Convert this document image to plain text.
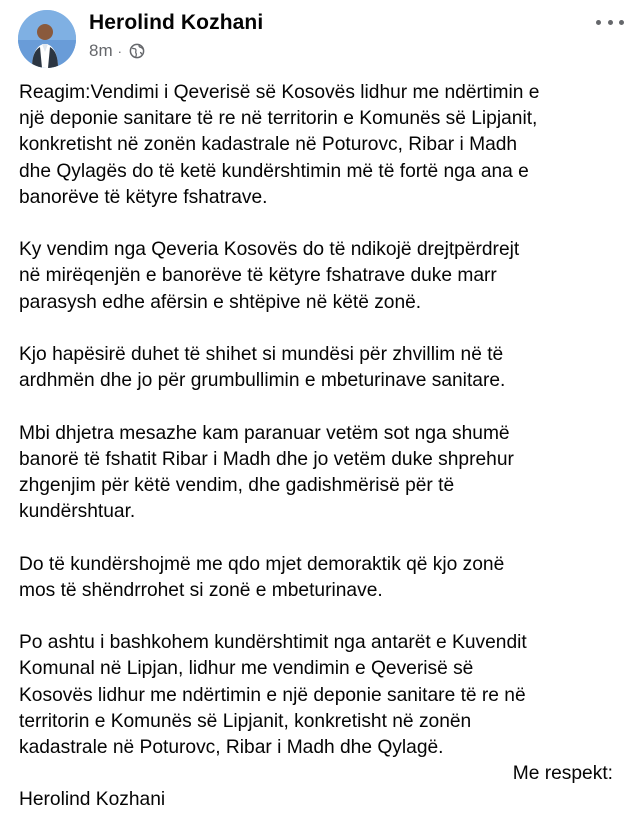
Herolind Kozhani
8m ·

Reagim:Vendimi i Qeverisë së Kosovës lidhur me ndërtimin e
një deponie sanitare të re në territorin e Komunës së Lipjanit,
konkretisht në zonën kadastrale në Poturovc, Ribar i Madh
dhe Qylagës do të ketë kundërshtimin më të fortë nga ana e
banorëve të këtyre fshatrave.

Ky vendim nga Qeveria Kosovës do të ndikojë drejtpërdrejt
në mirëqenjën e banorëve të këtyre fshatrave duke marr
parasysh edhe afërsin e shtëpive në këtë zonë.

Kjo hapësirë duhet të shihet si mundësi për zhvillim në të
ardhmën dhe jo për grumbullimin e mbeturinave sanitare.

Mbi dhjetra mesazhe kam paranuar vetëm sot nga shumë
banorë të fshatit Ribar i Madh dhe jo vetëm duke shprehur
zhgenjim për këtë vendim, dhe gadishmërisë për të
kundërshtuar.

Do të kundërshojmë me qdo mjet demoraktik që kjo zonë
mos të shëndrrohet si zonë e mbeturinave.

Po ashtu i bashkohem kundërshtimit nga antarët e Kuvendit
Komunal në Lipjan, lidhur me vendimin e Qeverisë së
Kosovës lidhur me ndërtimin e një deponie sanitare të re në
territorin e Komunës së Lipjanit, konkretisht në zonën
kadastrale në Poturovc, Ribar i Madh dhe Qylagë.
Me respekt:
Herolind Kozhani
